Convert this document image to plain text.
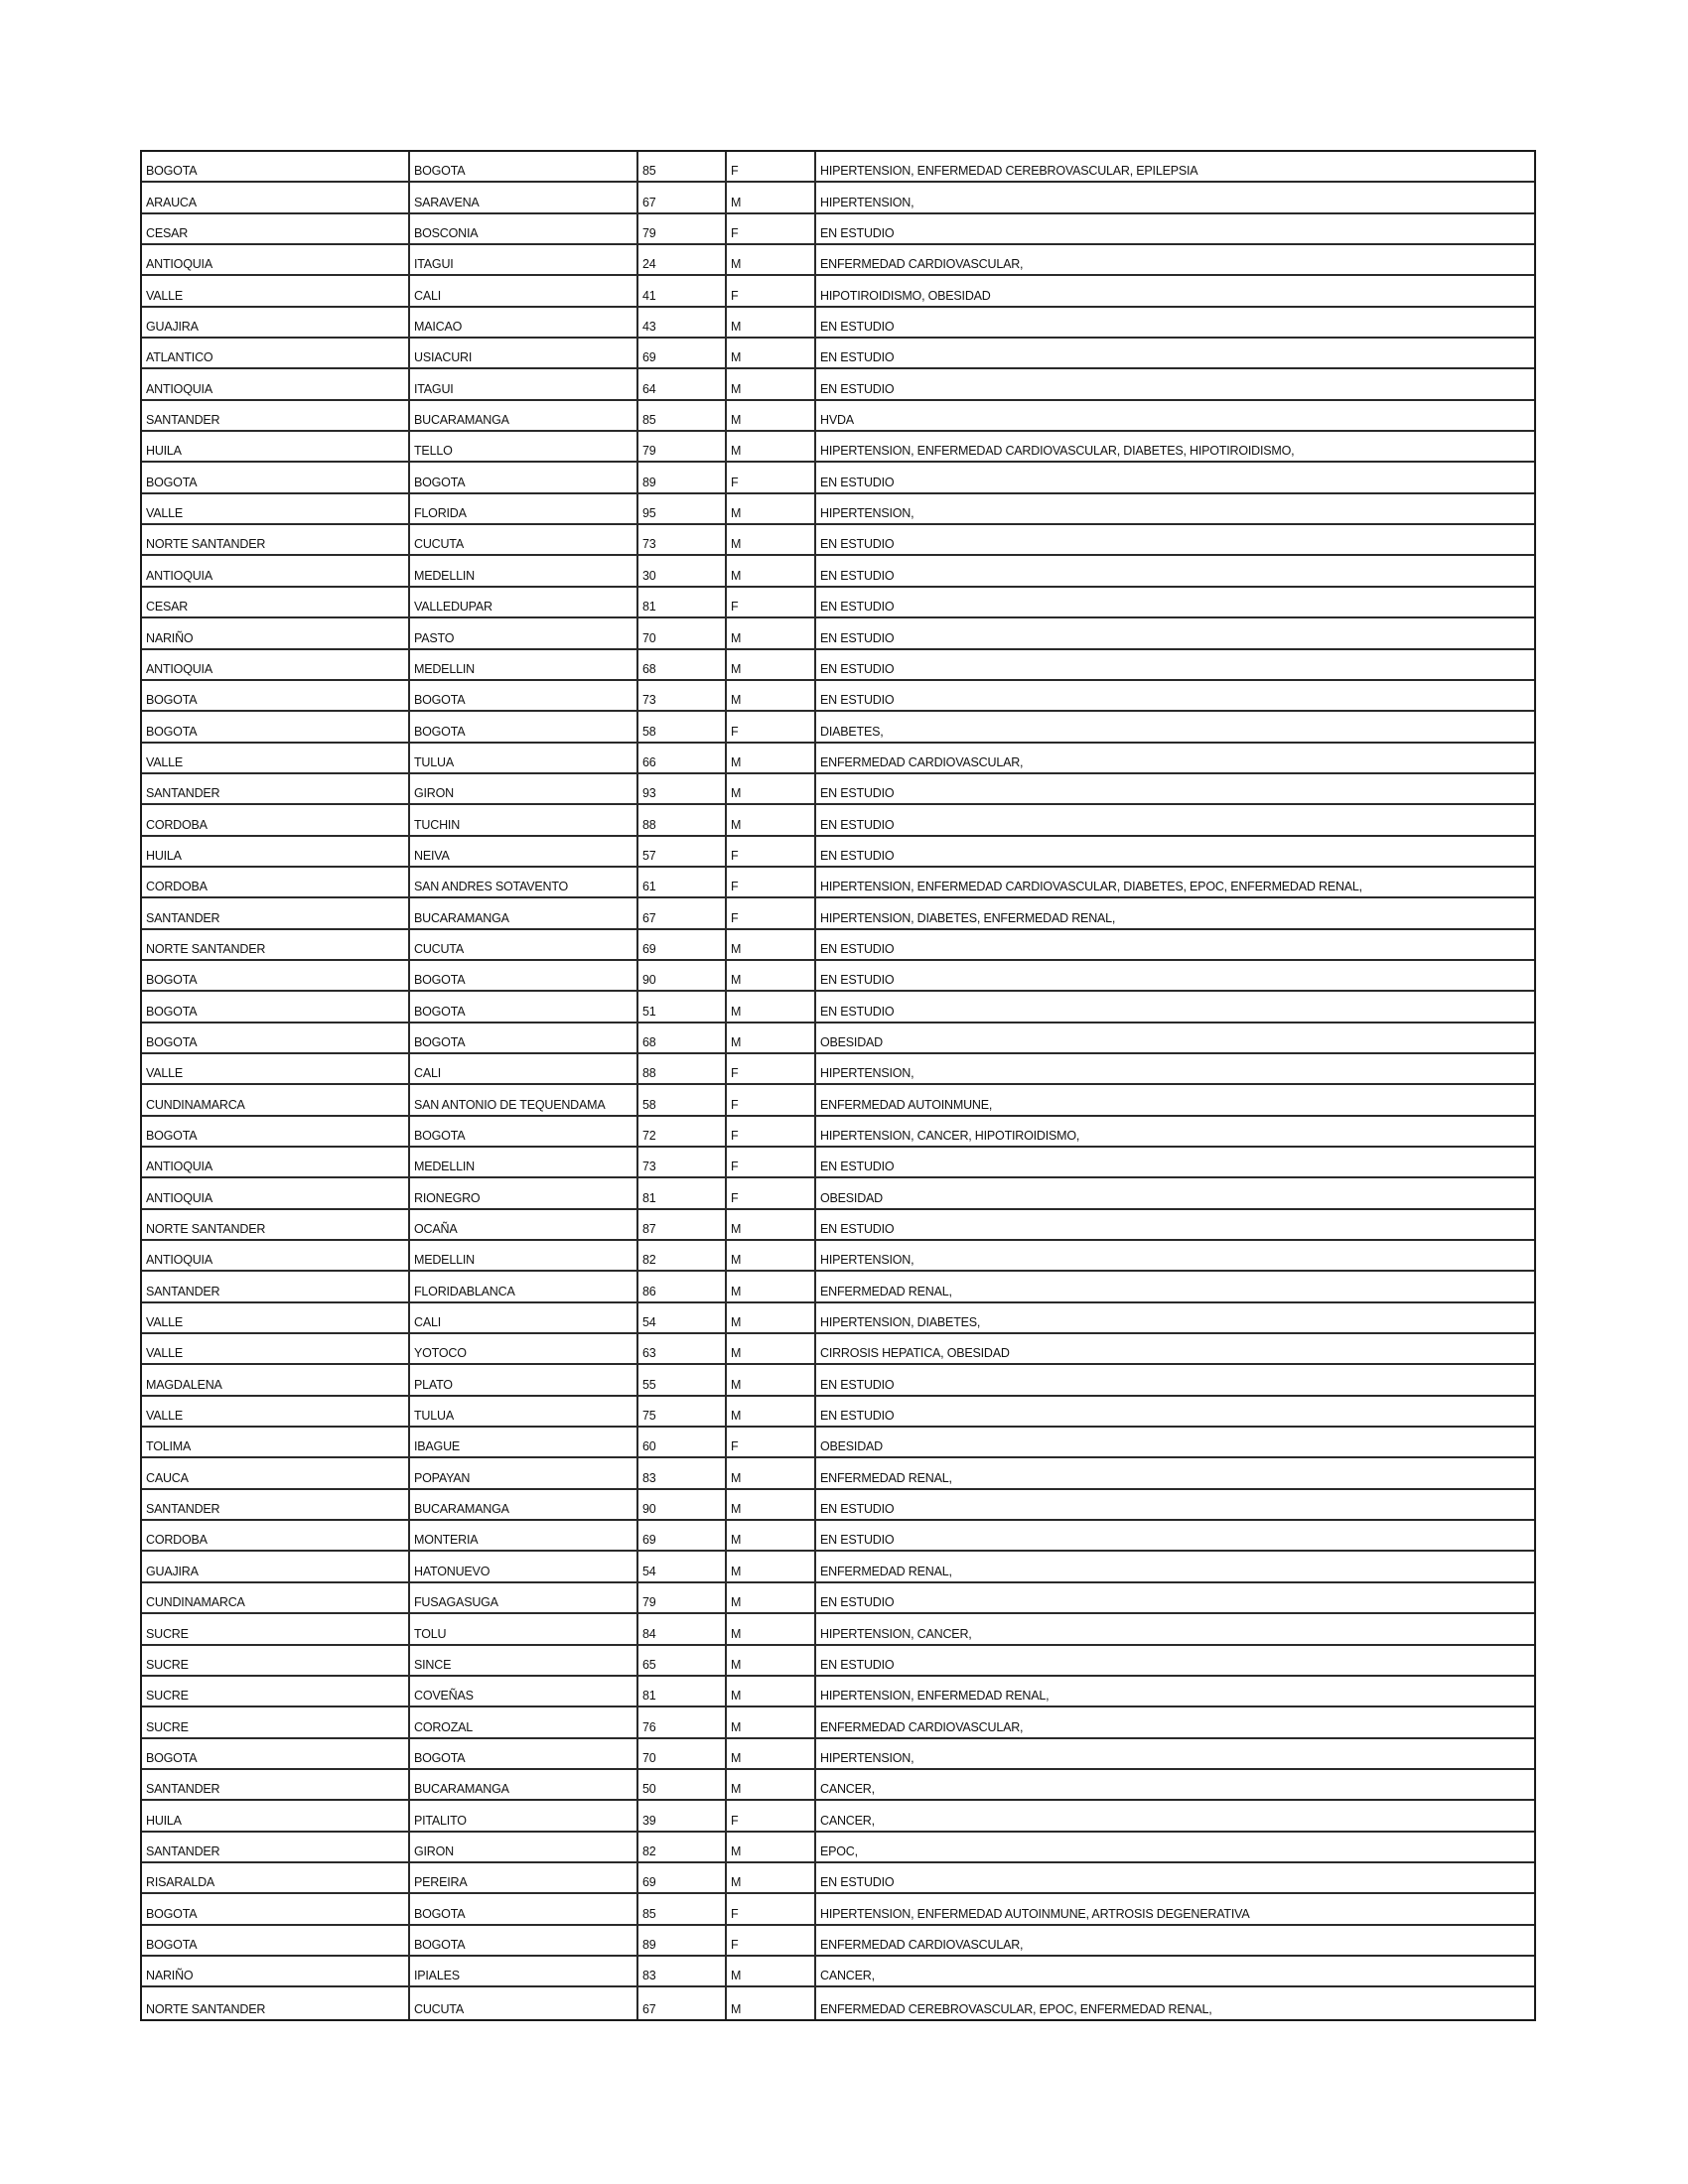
BOGOTA	BOGOTA	85	F	HIPERTENSION, ENFERMEDAD CEREBROVASCULAR, EPILEPSIA
ARAUCA	SARAVENA	67	M	HIPERTENSION,
CESAR	BOSCONIA	79	F	EN ESTUDIO
ANTIOQUIA	ITAGUI	24	M	ENFERMEDAD CARDIOVASCULAR,
VALLE	CALI	41	F	HIPOTIROIDISMO, OBESIDAD
GUAJIRA	MAICAO	43	M	EN ESTUDIO
ATLANTICO	USIACURI	69	M	EN ESTUDIO
ANTIOQUIA	ITAGUI	64	M	EN ESTUDIO
SANTANDER	BUCARAMANGA	85	M	HVDA
HUILA	TELLO	79	M	HIPERTENSION, ENFERMEDAD CARDIOVASCULAR, DIABETES, HIPOTIROIDISMO,
BOGOTA	BOGOTA	89	F	EN ESTUDIO
VALLE	FLORIDA	95	M	HIPERTENSION,
NORTE SANTANDER	CUCUTA	73	M	EN ESTUDIO
ANTIOQUIA	MEDELLIN	30	M	EN ESTUDIO
CESAR	VALLEDUPAR	81	F	EN ESTUDIO
NARIÑO	PASTO	70	M	EN ESTUDIO
ANTIOQUIA	MEDELLIN	68	M	EN ESTUDIO
BOGOTA	BOGOTA	73	M	EN ESTUDIO
BOGOTA	BOGOTA	58	F	DIABETES,
VALLE	TULUA	66	M	ENFERMEDAD CARDIOVASCULAR,
SANTANDER	GIRON	93	M	EN ESTUDIO
CORDOBA	TUCHIN	88	M	EN ESTUDIO
HUILA	NEIVA	57	F	EN ESTUDIO
CORDOBA	SAN ANDRES SOTAVENTO	61	F	HIPERTENSION, ENFERMEDAD CARDIOVASCULAR, DIABETES, EPOC, ENFERMEDAD RENAL,
SANTANDER	BUCARAMANGA	67	F	HIPERTENSION, DIABETES, ENFERMEDAD RENAL,
NORTE SANTANDER	CUCUTA	69	M	EN ESTUDIO
BOGOTA	BOGOTA	90	M	EN ESTUDIO
BOGOTA	BOGOTA	51	M	EN ESTUDIO
BOGOTA	BOGOTA	68	M	OBESIDAD
VALLE	CALI	88	F	HIPERTENSION,
CUNDINAMARCA	SAN ANTONIO DE TEQUENDAMA	58	F	ENFERMEDAD AUTOINMUNE,
BOGOTA	BOGOTA	72	F	HIPERTENSION, CANCER, HIPOTIROIDISMO,
ANTIOQUIA	MEDELLIN	73	F	EN ESTUDIO
ANTIOQUIA	RIONEGRO	81	F	OBESIDAD
NORTE SANTANDER	OCAÑA	87	M	EN ESTUDIO
ANTIOQUIA	MEDELLIN	82	M	HIPERTENSION,
SANTANDER	FLORIDABLANCA	86	M	ENFERMEDAD RENAL,
VALLE	CALI	54	M	HIPERTENSION, DIABETES,
VALLE	YOTOCO	63	M	CIRROSIS HEPATICA, OBESIDAD
MAGDALENA	PLATO	55	M	EN ESTUDIO
VALLE	TULUA	75	M	EN ESTUDIO
TOLIMA	IBAGUE	60	F	OBESIDAD
CAUCA	POPAYAN	83	M	ENFERMEDAD RENAL,
SANTANDER	BUCARAMANGA	90	M	EN ESTUDIO
CORDOBA	MONTERIA	69	M	EN ESTUDIO
GUAJIRA	HATONUEVO	54	M	ENFERMEDAD RENAL,
CUNDINAMARCA	FUSAGASUGA	79	M	EN ESTUDIO
SUCRE	TOLU	84	M	HIPERTENSION, CANCER,
SUCRE	SINCE	65	M	EN ESTUDIO
SUCRE	COVEÑAS	81	M	HIPERTENSION, ENFERMEDAD RENAL,
SUCRE	COROZAL	76	M	ENFERMEDAD CARDIOVASCULAR,
BOGOTA	BOGOTA	70	M	HIPERTENSION,
SANTANDER	BUCARAMANGA	50	M	CANCER,
HUILA	PITALITO	39	F	CANCER,
SANTANDER	GIRON	82	M	EPOC,
RISARALDA	PEREIRA	69	M	EN ESTUDIO
BOGOTA	BOGOTA	85	F	HIPERTENSION, ENFERMEDAD AUTOINMUNE, ARTROSIS DEGENERATIVA
BOGOTA	BOGOTA	89	F	ENFERMEDAD CARDIOVASCULAR,
NARIÑO	IPIALES	83	M	CANCER,
NORTE SANTANDER	CUCUTA	67	M	ENFERMEDAD CEREBROVASCULAR, EPOC, ENFERMEDAD RENAL,
